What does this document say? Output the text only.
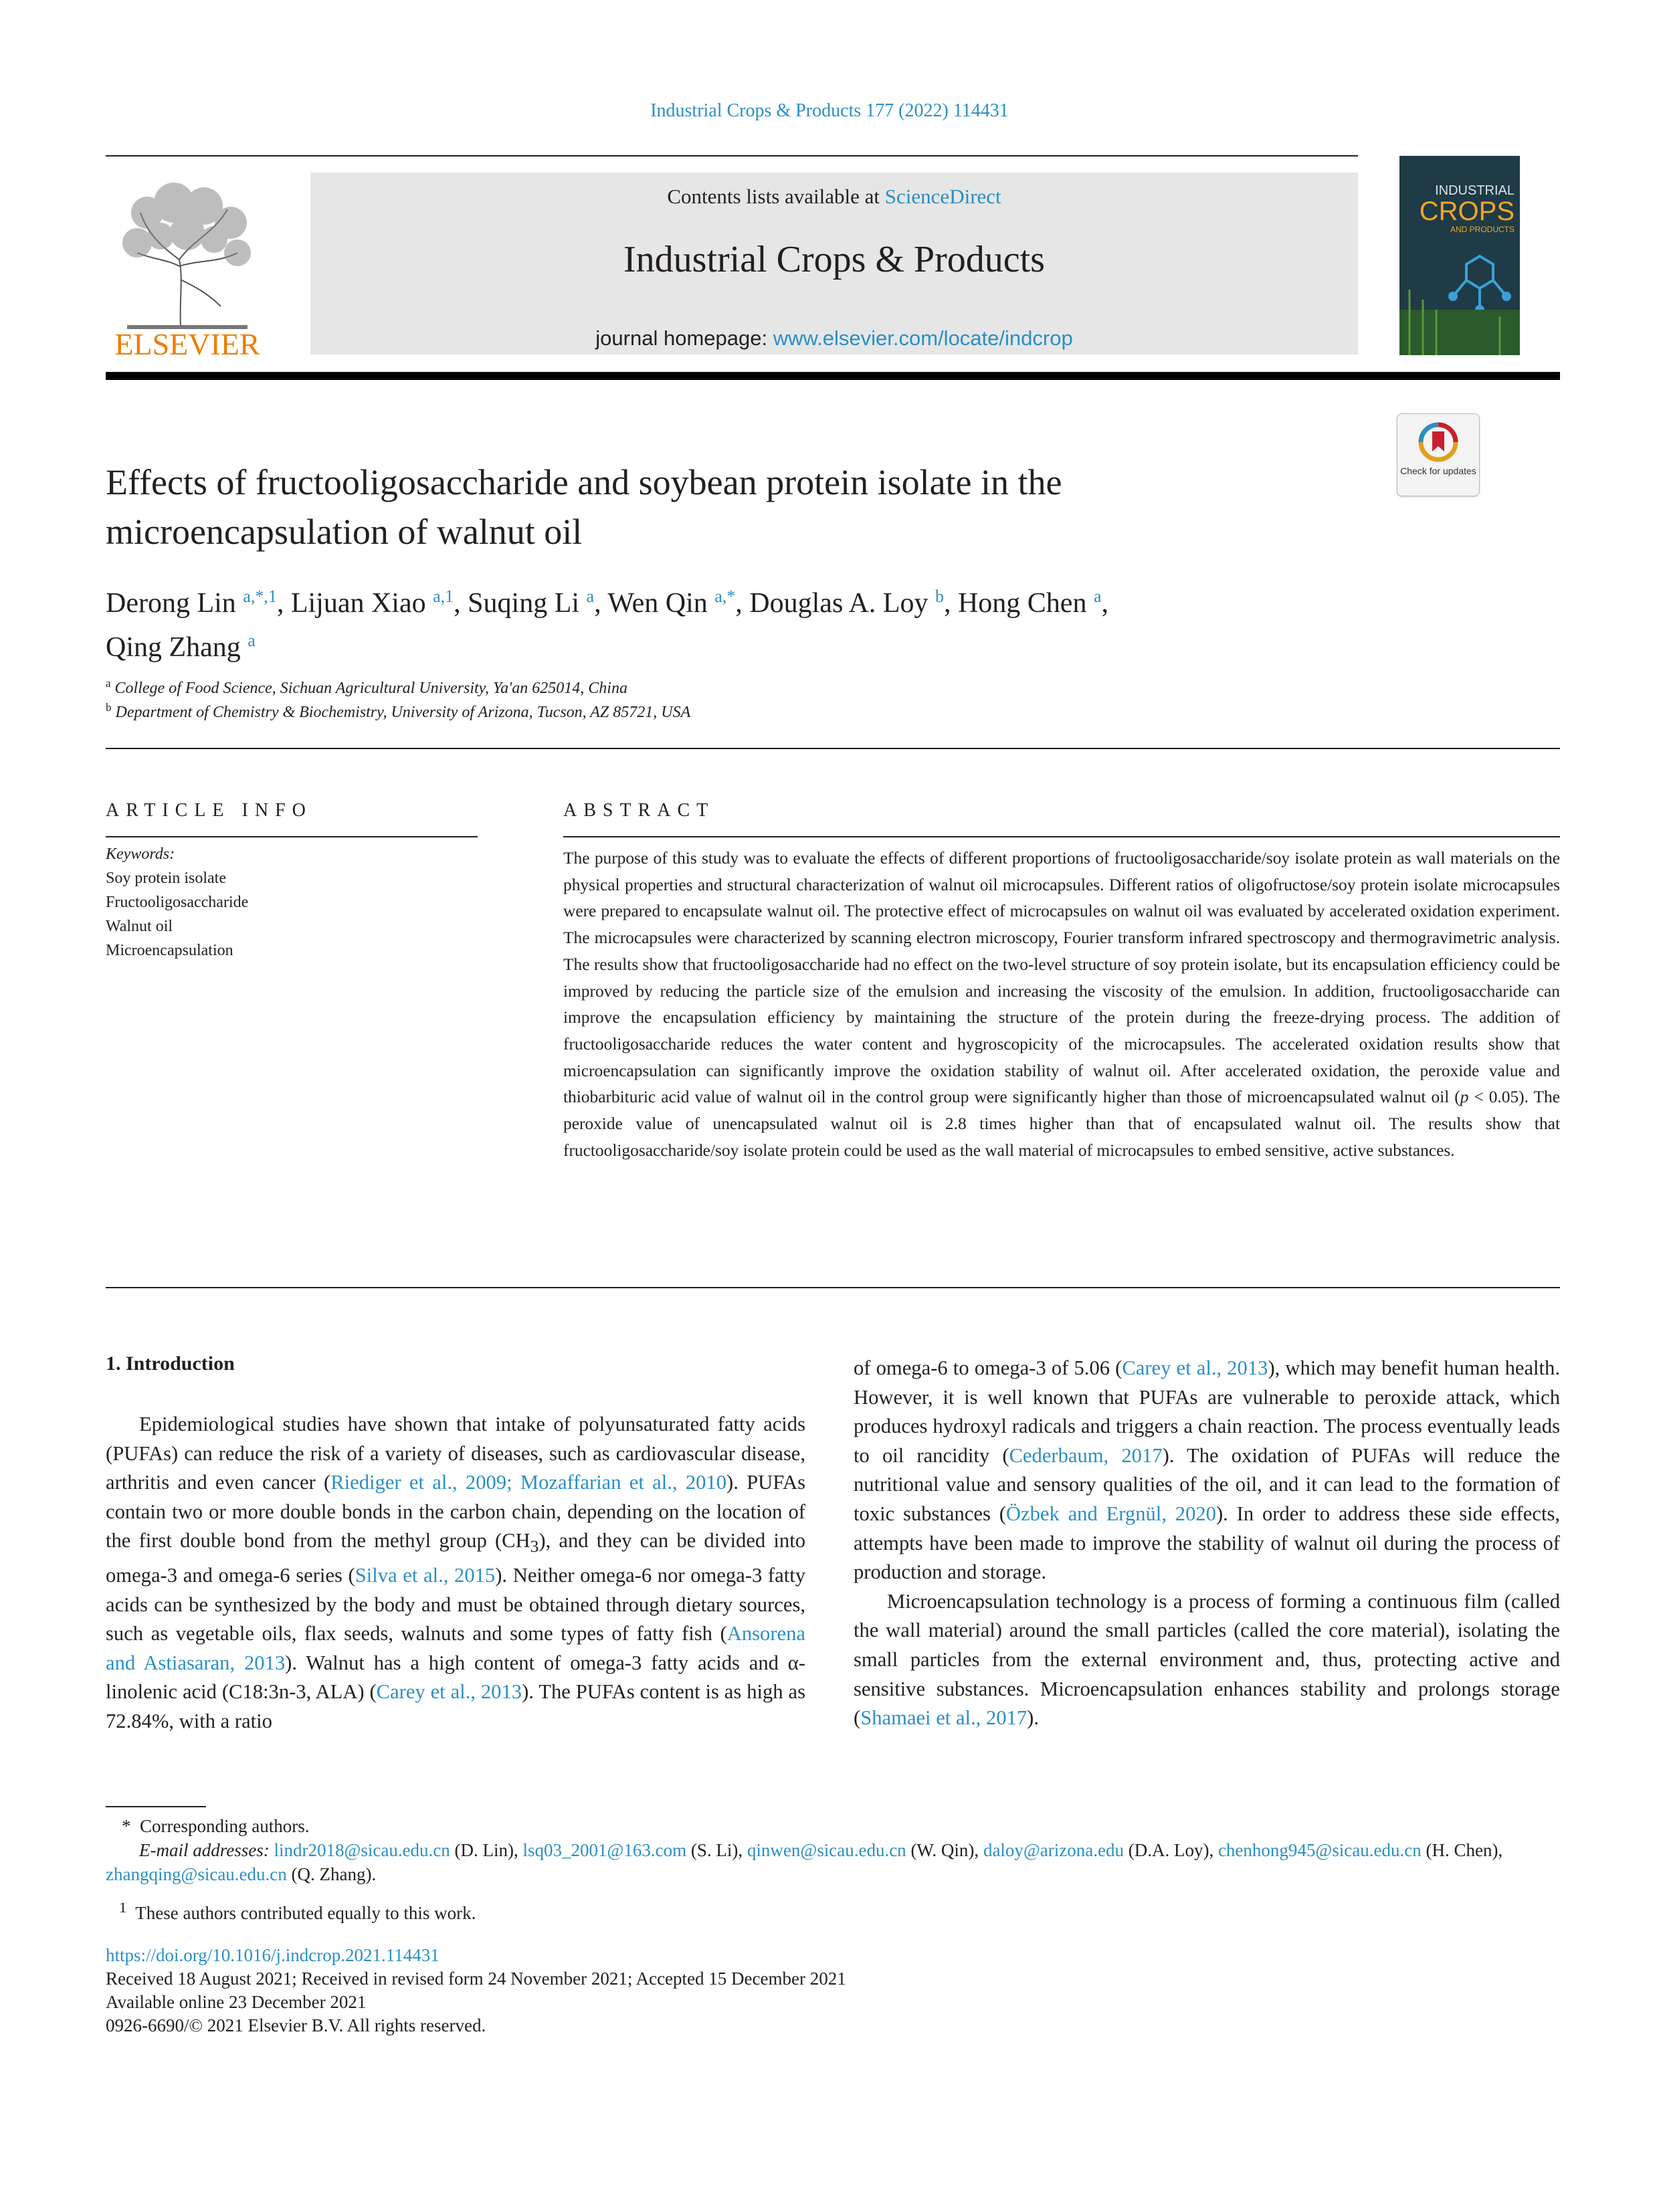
Industrial Crops & Products 177 (2022) 114431
ELSEVIER
Contents lists available at ScienceDirect
Industrial Crops & Products
journal homepage: www.elsevier.com/locate/indcrop
INDUSTRIAL
CROPS
AND PRODUCTS
Check for updates
Effects of fructooligosaccharide and soybean protein isolate in the
microencapsulation of walnut oil
Derong Lin $^{a,*,1}$, Lijuan Xiao $^{a,1}$, Suqing Li $^a$, Wen Qin $^{a,*}$, Douglas A. Loy $^b$, Hong Chen $^a$,
Qing Zhang $^a$
$^a$ College of Food Science, Sichuan Agricultural University, Ya'an 625014, China
$^b$ Department of Chemistry & Biochemistry, University of Arizona, Tucson, AZ 85721, USA
ARTICLE INFO
Keywords:
Soy protein isolate
Fructooligosaccharide
Walnut oil
Microencapsulation
ABSTRACT
The purpose of this study was to evaluate the effects of different proportions of fructooligosaccharide/soy isolate protein as wall materials on the physical properties and structural characterization of walnut oil microcapsules. Different ratios of oligofructose/soy protein isolate microcapsules were prepared to encapsulate walnut oil. The protective effect of microcapsules on walnut oil was evaluated by accelerated oxidation experiment. The microcapsules were characterized by scanning electron microscopy, Fourier transform infrared spectroscopy and thermogravimetric analysis. The results show that fructooligosaccharide had no effect on the two-level structure of soy protein isolate, but its encapsulation efficiency could be improved by reducing the particle size of the emulsion and increasing the viscosity of the emulsion. In addition, fructooligosaccharide can improve the encapsulation efficiency by maintaining the structure of the protein during the freeze-drying process. The addition of fructooligosaccharide reduces the water content and hygroscopicity of the microcapsules. The accelerated oxidation results show that microencapsulation can significantly improve the oxidation stability of walnut oil. After accelerated oxidation, the peroxide value and thiobarbituric acid value of walnut oil in the control group were significantly higher than those of microencapsulated walnut oil (p < 0.05). The peroxide value of unencapsulated walnut oil is 2.8 times higher than that of encapsulated walnut oil. The results show that fructooligosaccharide/soy isolate protein could be used as the wall material of microcapsules to embed sensitive, active substances.
1. Introduction

Epidemiological studies have shown that intake of polyunsaturated fatty acids (PUFAs) can reduce the risk of a variety of diseases, such as cardiovascular disease, arthritis and even cancer (Riediger et al., 2009; Mozaffarian et al., 2010). PUFAs contain two or more double bonds in the carbon chain, depending on the location of the first double bond from the methyl group $(CH_3)$, and they can be divided into omega-3 and omega-6 series (Silva et al., 2015). Neither omega-6 nor omega-3 fatty acids can be synthesized by the body and must be obtained through dietary sources, such as vegetable oils, flax seeds, walnuts and some types of fatty fish (Ansorena and Astiasaran, 2013). Walnut has a high content of omega-3 fatty acids and α-linolenic acid (C18:3n-3, ALA) (Carey et al., 2013). The PUFAs content is as high as 72.84%, with a ratio

of omega-6 to omega-3 of 5.06 (Carey et al., 2013), which may benefit human health. However, it is well known that PUFAs are vulnerable to peroxide attack, which produces hydroxyl radicals and triggers a chain reaction. The process eventually leads to oil rancidity (Cederbaum, 2017). The oxidation of PUFAs will reduce the nutritional value and sensory qualities of the oil, and it can lead to the formation of toxic substances (Özbek and Ergnül, 2020). In order to address these side effects, attempts have been made to improve the stability of walnut oil during the process of production and storage.

Microencapsulation technology is a process of forming a continuous film (called the wall material) around the small particles (called the core material), isolating the small particles from the external environment and, thus, protecting active and sensitive substances. Microencapsulation enhances stability and prolongs storage (Shamaei et al., 2017).

* Corresponding authors.
E-mail addresses: lindr2018@sicau.edu.cn (D. Lin), lsq03_2001@163.com (S. Li), qinwen@sicau.edu.cn (W. Qin), daloy@arizona.edu (D.A. Loy), chenhong945@sicau.edu.cn (H. Chen), zhangqing@sicau.edu.cn (Q. Zhang).
$^1$ These authors contributed equally to this work.
https://doi.org/10.1016/j.indcrop.2021.114431
Received 18 August 2021; Received in revised form 24 November 2021; Accepted 15 December 2021
Available online 23 December 2021
0926-6690/© 2021 Elsevier B.V. All rights reserved.
